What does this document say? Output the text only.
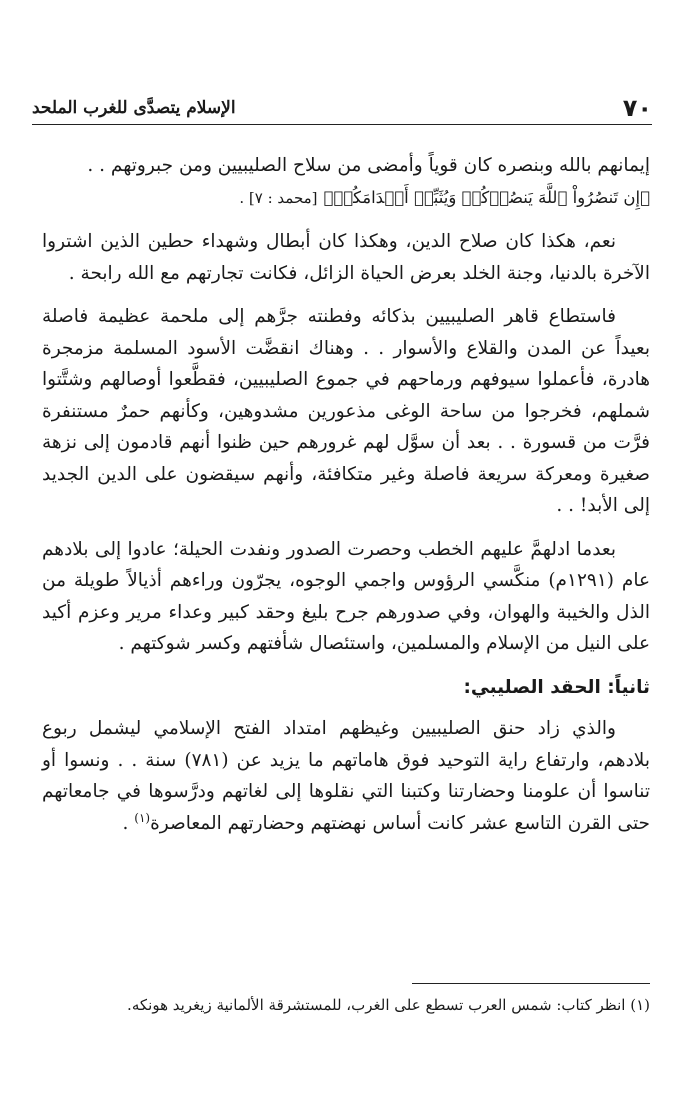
٧٠
الإسلام يتصدَّى للغرب الملحد

إيمانهم بالله وبنصره كان قوياً وأمضى من سلاح الصليبيين ومن جبروتهم . .
﴿إِن تَنصُرُواْ ٱللَّهَ يَنصُرۡكُمۡ وَيُثَبِّتۡ أَقۡدَامَكُمۡ﴾ [محمد : ٧] .

نعم، هكذا كان صلاح الدين، وهكذا كان أبطال وشهداء حطين الذين اشتروا الآخرة بالدنيا، وجنة الخلد بعرض الحياة الزائل، فكانت تجارتهم مع الله رابحة .

فاستطاع قاهر الصليبيين بذكائه وفطنته جرَّهم إلى ملحمة عظيمة فاصلة بعيداً عن المدن والقلاع والأسوار . . وهناك انقضَّت الأسود المسلمة مزمجرة هادرة، فأعملوا سيوفهم ورماحهم في جموع الصليبيين، فقطَّعوا أوصالهم وشتَّتوا شملهم، فخرجوا من ساحة الوغى مذعورين مشدوهين، وكأنهم حمرٌ مستنفرة فرَّت من قسورة . . بعد أن سوَّل لهم غرورهم حين ظنوا أنهم قادمون إلى نزهة صغيرة ومعركة سريعة فاصلة وغير متكافئة، وأنهم سيقضون على الدين الجديد إلى الأبد! . .

بعدما ادلهمَّ عليهم الخطب وحصرت الصدور ونفدت الحيلة؛ عادوا إلى بلادهم عام (١٢٩١م) منكَّسي الرؤوس واجمي الوجوه، يجرّون وراءهم أذيالاً طويلة من الذل والخيبة والهوان، وفي صدورهم جرح بليغ وحقد كبير وعداء مرير وعزم أكيد على النيل من الإسلام والمسلمين، واستئصال شأفتهم وكسر شوكتهم .

ثانياً: الحقد الصليبي:

والذي زاد حنق الصليبيين وغيظهم امتداد الفتح الإسلامي ليشمل ربوع بلادهم، وارتفاع راية التوحيد فوق هاماتهم ما يزيد عن (٧٨١) سنة . . ونسوا أو تناسوا أن علومنا وحضارتنا وكتبنا التي نقلوها إلى لغاتهم ودرَّسوها في جامعاتهم حتى القرن التاسع عشر كانت أساس نهضتهم وحضارتهم المعاصرة$^{(١)}$ .

(١) انظر كتاب: شمس العرب تسطع على الغرب، للمستشرقة الألمانية زيغريد هونكه.
